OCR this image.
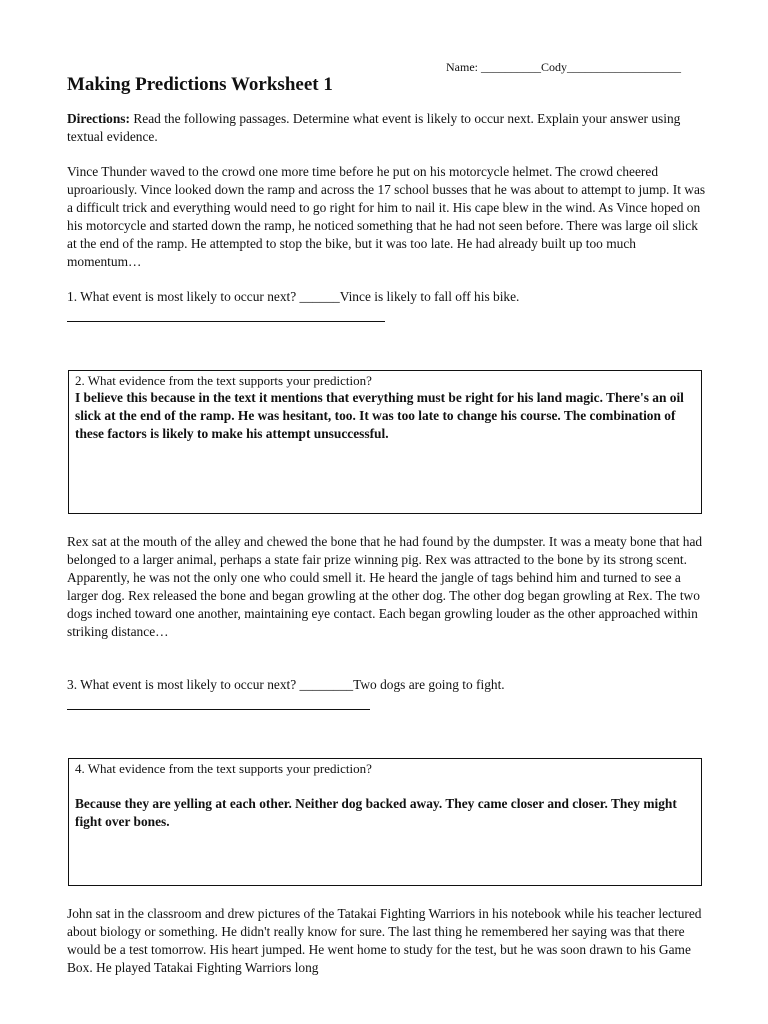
Name: __________Cody___________________
Making Predictions Worksheet 1

Directions: Read the following passages. Determine what event is likely to occur next. Explain your answer using textual evidence.

Vince Thunder waved to the crowd one more time before he put on his motorcycle helmet. The crowd cheered uproariously. Vince looked down the ramp and across the 17 school busses that he was about to attempt to jump. It was a difficult trick and everything would need to go right for him to nail it. His cape blew in the wind. As Vince hoped on his motorcycle and started down the ramp, he noticed something that he had not seen before. There was large oil slick at the end of the ramp. He attempted to stop the bike, but it was too late. He had already built up too much momentum…

1. What event is most likely to occur next? ______Vince is likely to fall off his bike.

2. What evidence from the text supports your prediction?

I believe this because in the text it mentions that everything must be right for his land magic. There's an oil slick at the end of the ramp. He was hesitant, too. It was too late to change his course. The combination of these factors is likely to make his attempt unsuccessful.

Rex sat at the mouth of the alley and chewed the bone that he had found by the dumpster. It was a meaty bone that had belonged to a larger animal, perhaps a state fair prize winning pig. Rex was attracted to the bone by its strong scent. Apparently, he was not the only one who could smell it. He heard the jangle of tags behind him and turned to see a larger dog. Rex released the bone and began growling at the other dog. The other dog began growling at Rex. The two dogs inched toward one another, maintaining eye contact. Each began growling louder as the other approached within striking distance…

3. What event is most likely to occur next? ________Two dogs are going to fight.

4. What evidence from the text supports your prediction?

Because they are yelling at each other. Neither dog backed away. They came closer and closer. They might fight over bones.

John sat in the classroom and drew pictures of the Tatakai Fighting Warriors in his notebook while his teacher lectured about biology or something. He didn't really know for sure. The last thing he remembered her saying was that there would be a test tomorrow. His heart jumped. He went home to study for the test, but he was soon drawn to his Game Box. He played Tatakai Fighting Warriors long
